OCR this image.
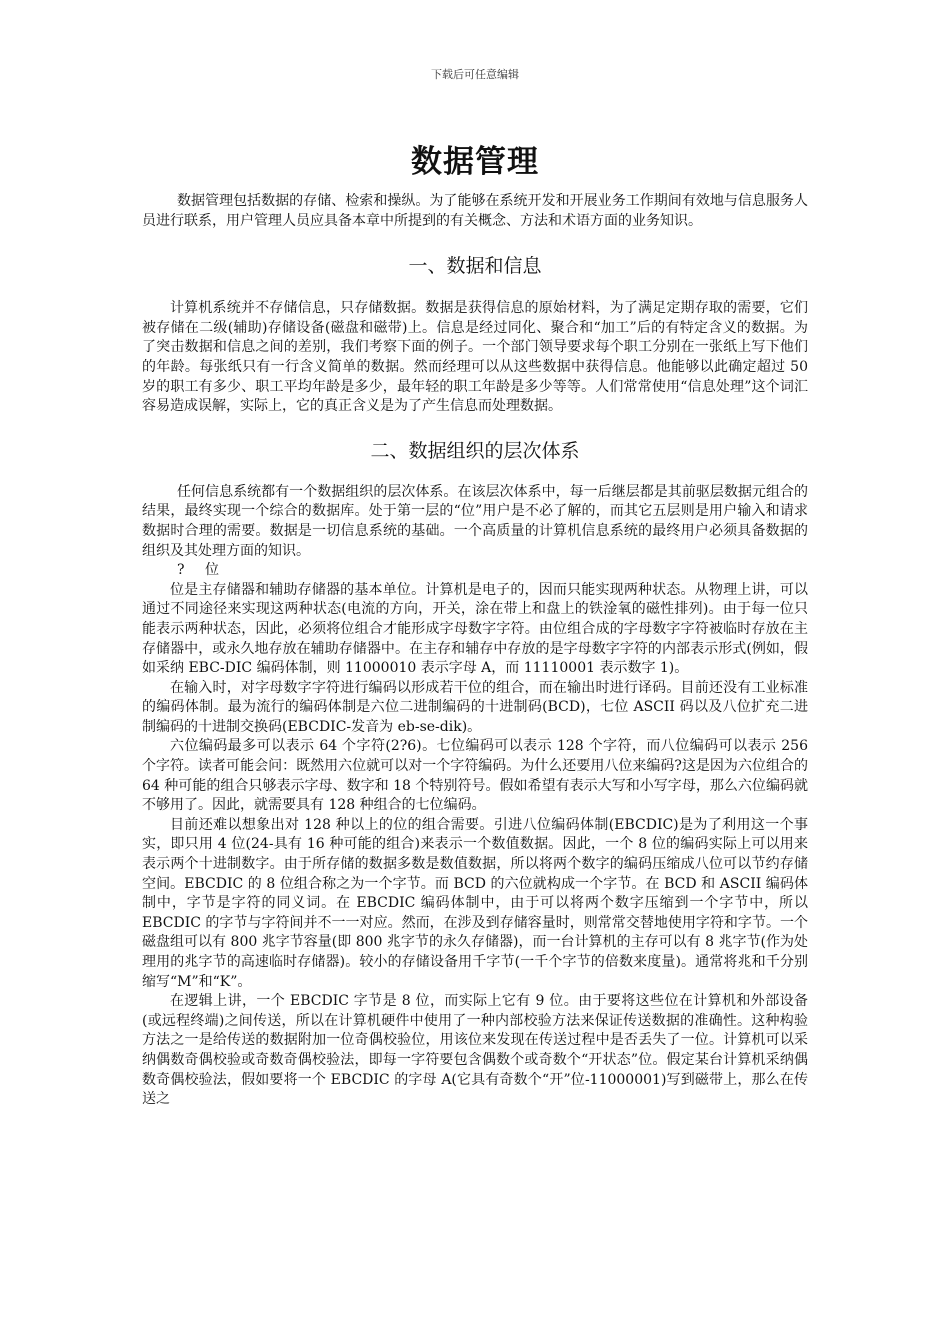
下载后可任意编辑
数据管理

数据管理包括数据的存储、检索和操纵。为了能够在系统开发和开展业务工作期间有效地与信息服务人员进行联系，用户管理人员应具备本章中所提到的有关概念、方法和术语方面的业务知识。

一、数据和信息

计算机系统并不存储信息，只存储数据。数据是获得信息的原始材料，为了满足定期存取的需要，它们被存储在二级(辅助)存储设备(磁盘和磁带)上。信息是经过同化、聚合和“加工”后的有特定含义的数据。为了突击数据和信息之间的差别，我们考察下面的例子。一个部门领导要求每个职工分别在一张纸上写下他们的年龄。每张纸只有一行含义简单的数据。然而经理可以从这些数据中获得信息。他能够以此确定超过 50 岁的职工有多少、职工平均年龄是多少，最年轻的职工年龄是多少等等。人们常常使用“信息处理”这个词汇容易造成误解，实际上，它的真正含义是为了产生信息而处理数据。

二、数据组织的层次体系

任何信息系统都有一个数据组织的层次体系。在该层次体系中，每一后继层都是其前驱层数据元组合的结果，最终实现一个综合的数据库。处于第一层的“位”用户是不必了解的，而其它五层则是用户输入和请求数据时合理的需要。数据是一切信息系统的基础。一个高质量的计算机信息系统的最终用户必须具备数据的组织及其处理方面的知识。

? 位

位是主存储器和辅助存储器的基本单位。计算机是电子的，因而只能实现两种状态。从物理上讲，可以通过不同途径来实现这两种状态(电流的方向，开关，涂在带上和盘上的铁淦氧的磁性排列)。由于每一位只能表示两种状态，因此，必须将位组合才能形成字母数字字符。由位组合成的字母数字字符被临时存放在主存储器中，或永久地存放在辅助存储器中。在主存和辅存中存放的是字母数字字符的内部表示形式(例如，假如采纳 EBC-DIC 编码体制，则 11000010 表示字母 A，而 11110001 表示数字 1)。

在输入时，对字母数字字符进行编码以形成若干位的组合，而在输出时进行译码。目前还没有工业标准的编码体制。最为流行的编码体制是六位二进制编码的十进制码(BCD)，七位 ASCII 码以及八位扩充二进制编码的十进制交换码(EBCDIC-发音为 eb-se-dik)。

六位编码最多可以表示 64 个字符(2?6)。七位编码可以表示 128 个字符，而八位编码可以表示 256 个字符。读者可能会问：既然用六位就可以对一个字符编码。为什么还要用八位来编码?这是因为六位组合的 64 种可能的组合只够表示字母、数字和 18 个特别符号。假如希望有表示大写和小写字母，那么六位编码就不够用了。因此，就需要具有 128 种组合的七位编码。

目前还难以想象出对 128 种以上的位的组合需要。引进八位编码体制(EBCDIC)是为了利用这一个事实，即只用 4 位(24-具有 16 种可能的组合)来表示一个数值数据。因此，一个 8 位的编码实际上可以用来表示两个十进制数字。由于所存储的数据多数是数值数据，所以将两个数字的编码压缩成八位可以节约存储空间。EBCDIC 的 8 位组合称之为一个字节。而 BCD 的六位就构成一个字节。在 BCD 和 ASCII 编码体制中，字节是字符的同义词。在 EBCDIC 编码体制中，由于可以将两个数字压缩到一个字节中，所以 EBCDIC 的字节与字符间并不一一对应。然而，在涉及到存储容量时，则常常交替地使用字符和字节。一个磁盘组可以有 800 兆字节容量(即 800 兆字节的永久存储器)，而一台计算机的主存可以有 8 兆字节(作为处理用的兆字节的高速临时存储器)。较小的存储设备用千字节(一千个字节的倍数来度量)。通常将兆和千分别缩写“M”和“K”。

在逻辑上讲，一个 EBCDIC 字节是 8 位，而实际上它有 9 位。由于要将这些位在计算机和外部设备(或远程终端)之间传送，所以在计算机硬件中使用了一种内部校验方法来保证传送数据的准确性。这种构验方法之一是给传送的数据附加一位奇偶校验位，用该位来发现在传送过程中是否丢失了一位。计算机可以采纳偶数奇偶校验或奇数奇偶校验法，即每一字符要包含偶数个或奇数个“开状态”位。假定某台计算机采纳偶数奇偶校验法，假如要将一个 EBCDIC 的字母 A(它具有奇数个“开”位-11000001)写到磁带上，那么在传送之
